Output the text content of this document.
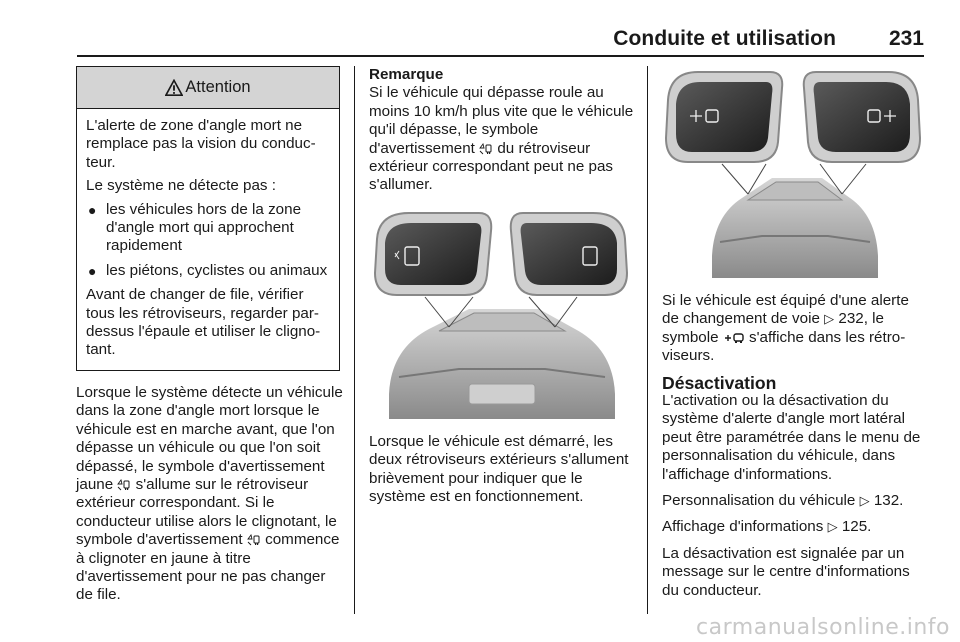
Conduite et utilisation	231
Attention

L'alerte de zone d'angle mort ne remplace pas la vision du conducteur.

Le système ne détecte pas :

● les véhicules hors de la zone d'angle mort qui approchent rapidement
● les piétons, cyclistes ou animaux

Avant de changer de file, vérifier tous les rétroviseurs, regarder par-dessus l'épaule et utiliser le clignotant.

Lorsque le système détecte un véhicule dans la zone d'angle mort lorsque le véhicule est en marche avant, que l'on dépasse un véhicule ou que l'on soit dépassé, le symbole d'avertissement jaune s'allume sur le rétroviseur extérieur correspondant. Si le conducteur utilise alors le clignotant, le symbole d'avertissement commence à clignoter en jaune à titre d'avertissement pour ne pas changer de file.

Remarque

Si le véhicule qui dépasse roule au moins 10 km/h plus vite que le véhicule qu'il dépasse, le symbole d'avertissement du rétroviseur extérieur correspondant peut ne pas s'allumer.

Lorsque le véhicule est démarré, les deux rétroviseurs extérieurs s'allument brièvement pour indiquer que le système est en fonctionnement.

Si le véhicule est équipé d'une alerte de changement de voie ▷ 232, le symbole s'affiche dans les rétroviseurs.

Désactivation

L'activation ou la désactivation du système d'alerte d'angle mort latéral peut être paramétrée dans le menu de personnalisation du véhicule, dans l'affichage d'informations.

Personnalisation du véhicule ▷ 132.

Affichage d'informations ▷ 125.

La désactivation est signalée par un message sur le centre d'informations du conducteur.

carmanualsonline.info
